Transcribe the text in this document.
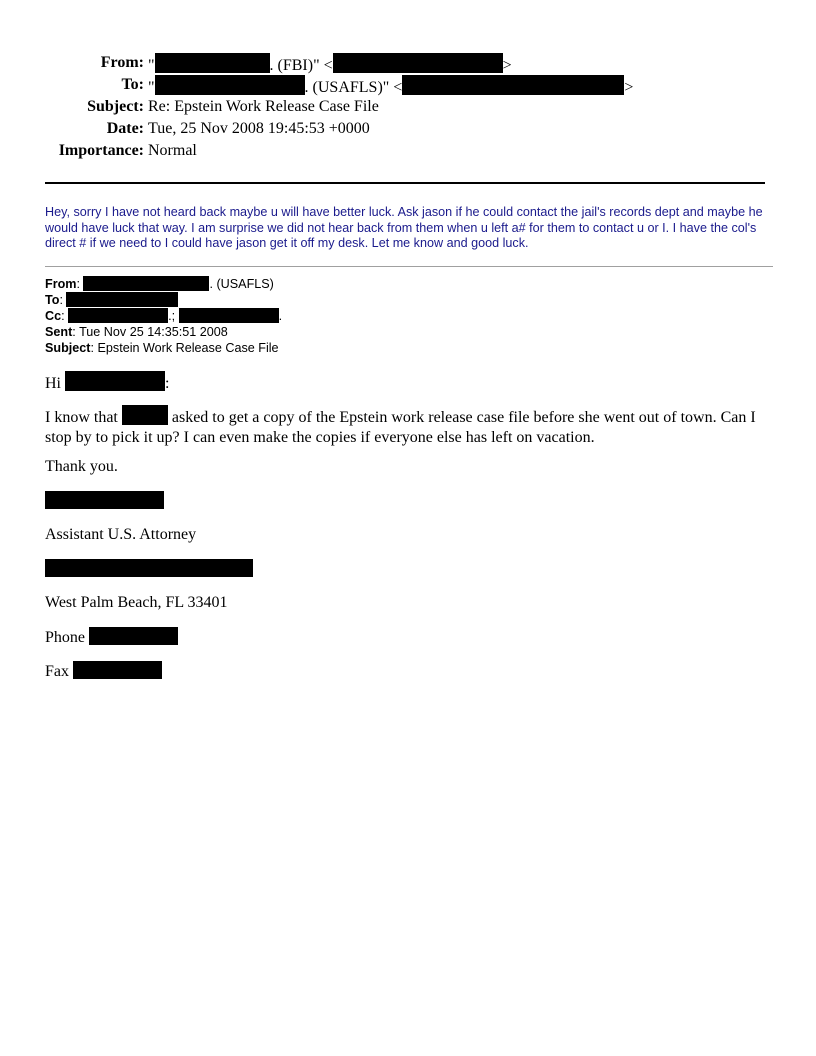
From: "	. (FBI)" <	>
To: "	. (USAFLS)" <	>
Subject: Re: Epstein Work Release Case File
Date: Tue, 25 Nov 2008 19:45:53 +0000
Importance: Normal
Hey, sorry I have not heard back maybe u will have better luck. Ask jason if he could contact the jail's records dept and maybe he would have luck that way. I am surprise we did not hear back from them when u left a# for them to contact u or I. I have the col's direct # if we need to I could have jason get it off my desk. Let me know and good luck.
From:	. (USAFLS)
To:
Cc:	.;	.
Sent: Tue Nov 25 14:35:51 2008
Subject: Epstein Work Release Case File
Hi	:
I know that	asked to get a copy of the Epstein work release case file before she went out of town. Can I stop by to pick it up? I can even make the copies if everyone else has left on vacation.
Thank you.
Assistant U.S. Attorney
West Palm Beach, FL 33401
Phone
Fax
